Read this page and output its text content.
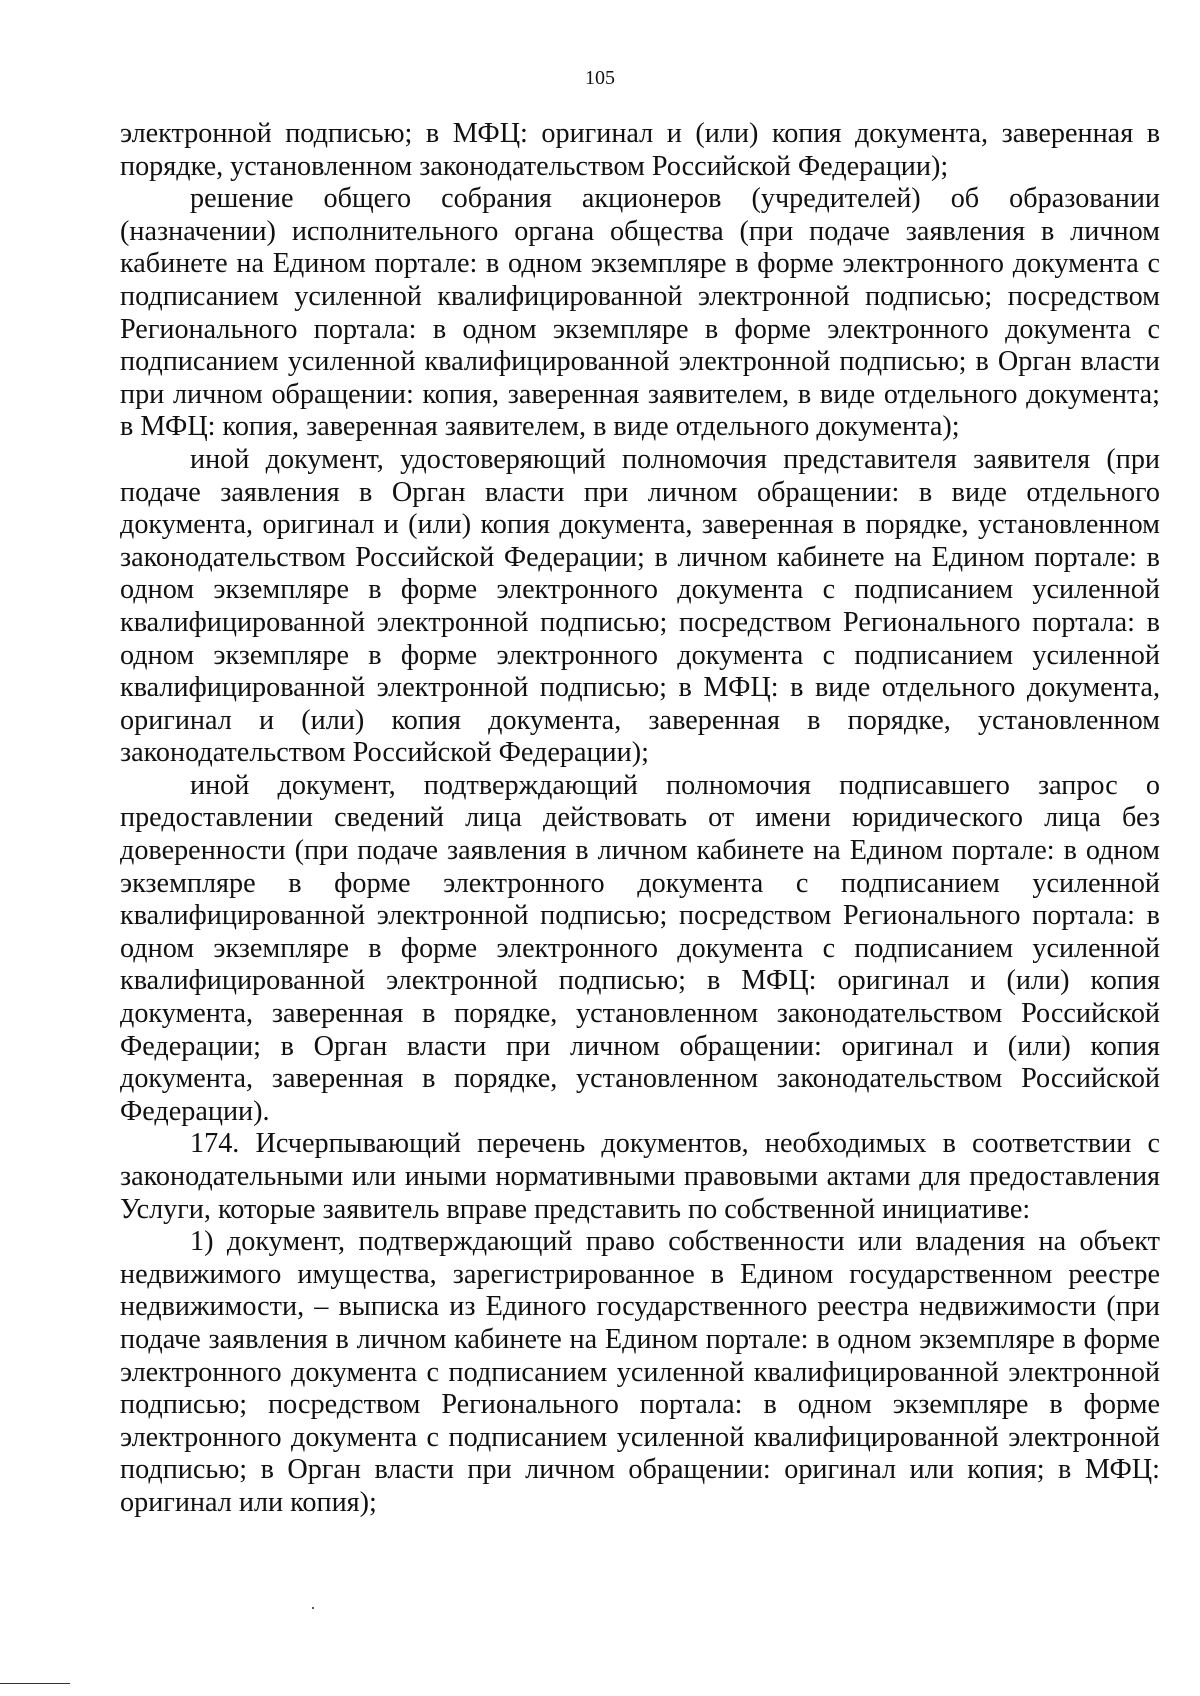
105

электронной подписью; в МФЦ: оригинал и (или) копия документа, заверенная в порядке, установленном законодательством Российской Федерации);

решение общего собрания акционеров (учредителей) об образовании (назначении) исполнительного органа общества (при подаче заявления в личном кабинете на Едином портале: в одном экземпляре в форме электронного документа с подписанием усиленной квалифицированной электронной подписью; посредством Регионального портала: в одном экземпляре в форме электронного документа с подписанием усиленной квалифицированной электронной подписью; в Орган власти при личном обращении: копия, заверенная заявителем, в виде отдельного документа; в МФЦ: копия, заверенная заявителем, в виде отдельного документа);

иной документ, удостоверяющий полномочия представителя заявителя (при подаче заявления в Орган власти при личном обращении: в виде отдельного документа, оригинал и (или) копия документа, заверенная в порядке, установленном законодательством Российской Федерации; в личном кабинете на Едином портале: в одном экземпляре в форме электронного документа с подписанием усиленной квалифицированной электронной подписью; посредством Регионального портала: в одном экземпляре в форме электронного документа с подписанием усиленной квалифицированной электронной подписью; в МФЦ: в виде отдельного документа, оригинал и (или) копия документа, заверенная в порядке, установленном законодательством Российской Федерации);

иной документ, подтверждающий полномочия подписавшего запрос о предоставлении сведений лица действовать от имени юридического лица без доверенности (при подаче заявления в личном кабинете на Едином портале: в одном экземпляре в форме электронного документа с подписанием усиленной квалифицированной электронной подписью; посредством Регионального портала: в одном экземпляре в форме электронного документа с подписанием усиленной квалифицированной электронной подписью; в МФЦ: оригинал и (или) копия документа, заверенная в порядке, установленном законодательством Российской Федерации; в Орган власти при личном обращении: оригинал и (или) копия документа, заверенная в порядке, установленном законодательством Российской Федерации).

174. Исчерпывающий перечень документов, необходимых в соответствии с законодательными или иными нормативными правовыми актами для предоставления Услуги, которые заявитель вправе представить по собственной инициативе:

1) документ, подтверждающий право собственности или владения на объект недвижимого имущества, зарегистрированное в Едином государственном реестре недвижимости, – выписка из Единого государственного реестра недвижимости (при подаче заявления в личном кабинете на Едином портале: в одном экземпляре в форме электронного документа с подписанием усиленной квалифицированной электронной подписью; посредством Регионального портала: в одном экземпляре в форме электронного документа с подписанием усиленной квалифицированной электронной подписью; в Орган власти при личном обращении: оригинал или копия; в МФЦ: оригинал или копия);
